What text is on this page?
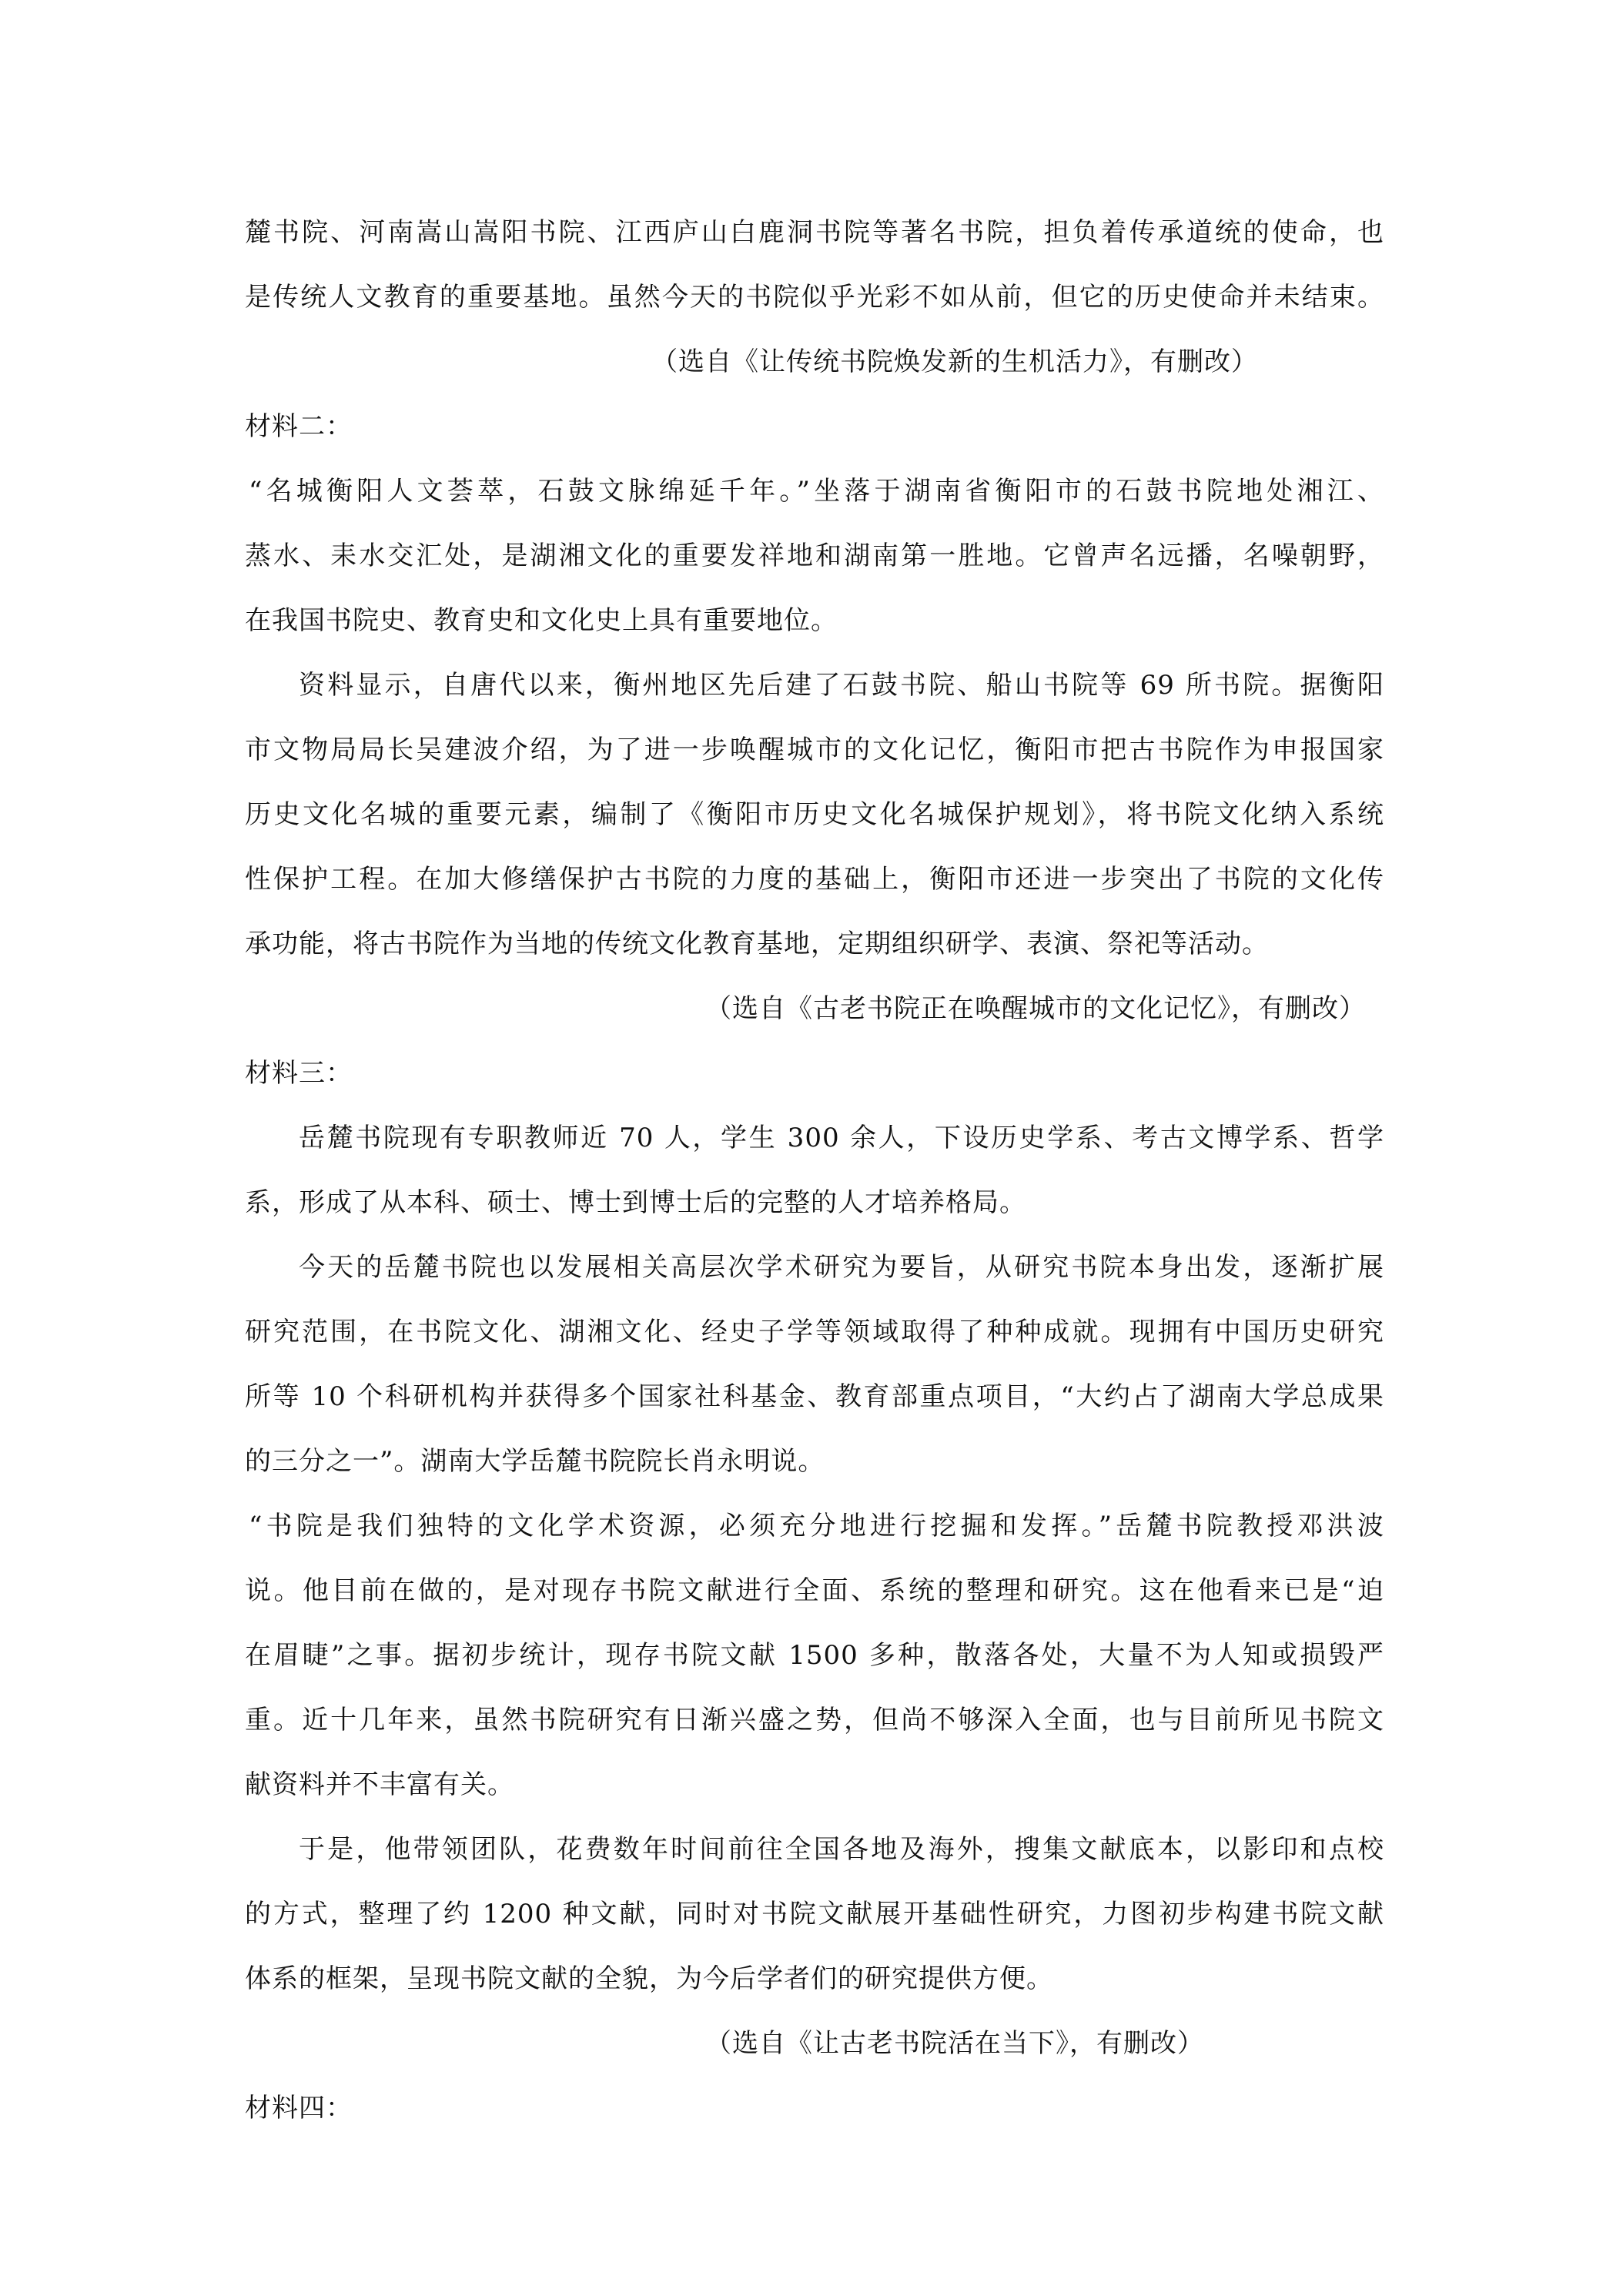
麓书院、河南嵩山嵩阳书院、江西庐山白鹿洞书院等著名书院，担负着传承道统的使命，也
是传统人文教育的重要基地。虽然今天的书院似乎光彩不如从前，但它的历史使命并未结束。
（选自《让传统书院焕发新的生机活力》，有删改）
材料二：
“名城衡阳人文荟萃，石鼓文脉绵延千年。”坐落于湖南省衡阳市的石鼓书院地处湘江、
蒸水、耒水交汇处，是湖湘文化的重要发祥地和湖南第一胜地。它曾声名远播，名噪朝野，
在我国书院史、教育史和文化史上具有重要地位。
资料显示，自唐代以来，衡州地区先后建了石鼓书院、船山书院等 69 所书院。据衡阳
市文物局局长吴建波介绍，为了进一步唤醒城市的文化记忆，衡阳市把古书院作为申报国家
历史文化名城的重要元素，编制了《衡阳市历史文化名城保护规划》，将书院文化纳入系统
性保护工程。在加大修缮保护古书院的力度的基础上，衡阳市还进一步突出了书院的文化传
承功能，将古书院作为当地的传统文化教育基地，定期组织研学、表演、祭祀等活动。
（选自《古老书院正在唤醒城市的文化记忆》，有删改）
材料三：
岳麓书院现有专职教师近 70 人，学生 300 余人，下设历史学系、考古文博学系、哲学
系，形成了从本科、硕士、博士到博士后的完整的人才培养格局。
今天的岳麓书院也以发展相关高层次学术研究为要旨，从研究书院本身出发，逐渐扩展
研究范围，在书院文化、湖湘文化、经史子学等领域取得了种种成就。现拥有中国历史研究
所等 10 个科研机构并获得多个国家社科基金、教育部重点项目，“大约占了湖南大学总成果
的三分之一”。湖南大学岳麓书院院长肖永明说。
“书院是我们独特的文化学术资源，必须充分地进行挖掘和发挥。”岳麓书院教授邓洪波
说。他目前在做的，是对现存书院文献进行全面、系统的整理和研究。这在他看来已是“迫
在眉睫”之事。据初步统计，现存书院文献 1500 多种，散落各处，大量不为人知或损毁严
重。近十几年来，虽然书院研究有日渐兴盛之势，但尚不够深入全面，也与目前所见书院文
献资料并不丰富有关。
于是，他带领团队，花费数年时间前往全国各地及海外，搜集文献底本，以影印和点校
的方式，整理了约 1200 种文献，同时对书院文献展开基础性研究，力图初步构建书院文献
体系的框架，呈现书院文献的全貌，为今后学者们的研究提供方便。
（选自《让古老书院活在当下》，有删改）
材料四：
